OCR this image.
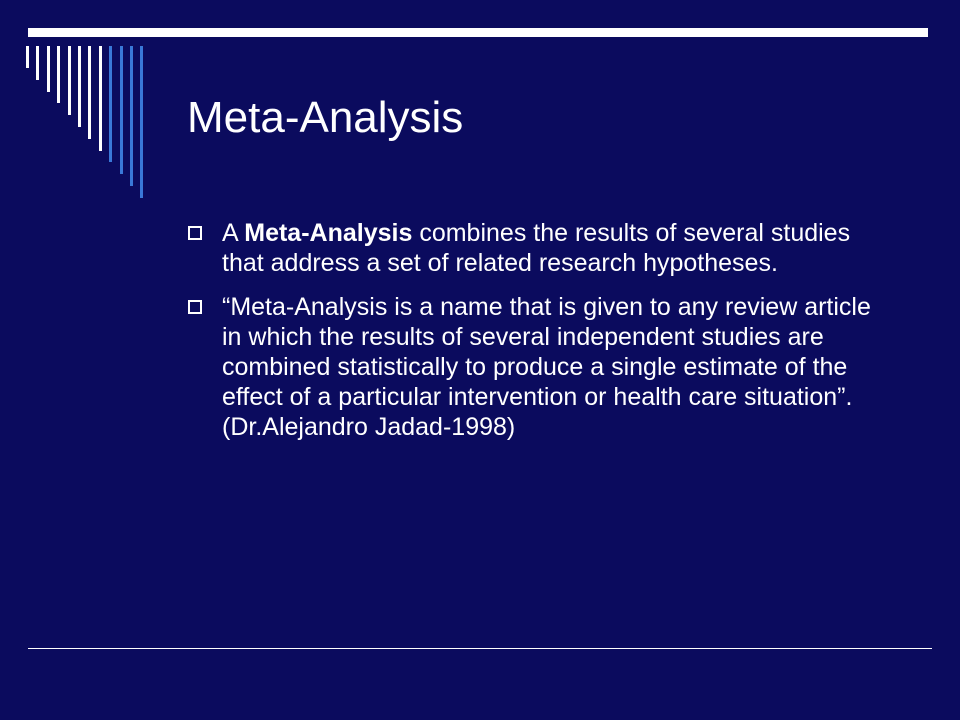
Meta-Analysis
A Meta-Analysis combines the results of several studies that address a set of related research hypotheses.
“Meta-Analysis is a name that is given to any review article in which the results of several independent studies are combined statistically to produce a single estimate of the effect of a particular intervention or health care situation”.(Dr.Alejandro Jadad-1998)
